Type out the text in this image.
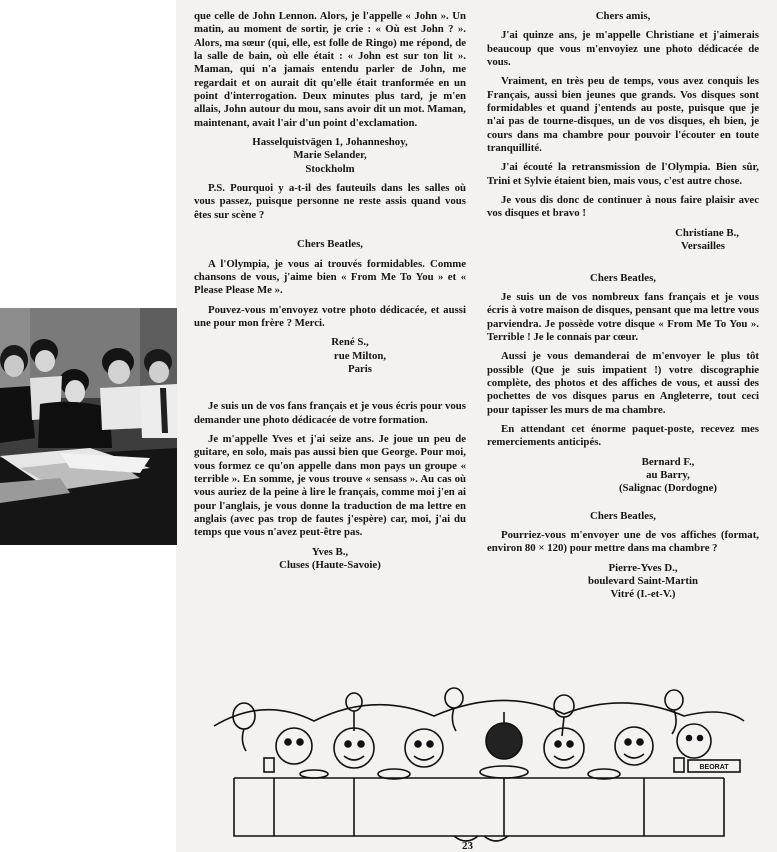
que celle de John Lennon. Alors, je l'appelle « John ». Un matin, au moment de sortir, je crie : « Où est John ? ». Alors, ma sœur (qui, elle, est folle de Ringo) me répond, de la salle de bain, où elle était : « John est sur ton lit ». Maman, qui n'a jamais entendu parler de John, me regardait et on aurait dit qu'elle était tranformée en un point d'interrogation. Deux minutes plus tard, je m'en allais, John autour du mou, sans avoir dit un mot. Maman, maintenant, avait l'air d'un point d'exclamation.

Hasselquistvägen 1, Johanneshoy,

Marie Selander,

Stockholm

P.S. Pourquoi y a-t-il des fauteuils dans les salles où vous passez, puisque personne ne reste assis quand vous êtes sur scène ?

Chers Beatles,

A l'Olympia, je vous ai trouvés formidables. Comme chansons de vous, j'aime bien « From Me To You » et « Please Please Me ».

Pouvez-vous m'envoyez votre photo dédicacée, et aussi une pour mon frère ? Merci.

René S.,

rue Milton,

Paris

Je suis un de vos fans français et je vous écris pour vous demander une photo dédicacée de votre formation.

Je m'appelle Yves et j'ai seize ans. Je joue un peu de guitare, en solo, mais pas aussi bien que George. Pour moi, vous formez ce qu'on appelle dans mon pays un groupe « terrible ». En somme, je vous trouve « sensass ». Au cas où vous auriez de la peine à lire le français, comme moi j'en ai pour l'anglais, je vous donne la traduction de ma lettre en anglais (avec pas trop de fautes j'espère) car, moi, j'ai du temps que vous n'avez peut-être pas.

Yves B.,

Cluses (Haute-Savoie)

Chers amis,

J'ai quinze ans, je m'appelle Christiane et j'aimerais beaucoup que vous m'envoyiez une photo dédicacée de vous.

Vraiment, en très peu de temps, vous avez conquis les Français, aussi bien jeunes que grands. Vos disques sont formidables et quand j'entends au poste, puisque que je n'ai pas de tourne-disques, un de vos disques, eh bien, je cours dans ma chambre pour pouvoir l'écouter en toute tranquillité.

J'ai écouté la retransmission de l'Olympia. Bien sûr, Trini et Sylvie étaient bien, mais vous, c'est autre chose.

Je vous dis donc de continuer à nous faire plaisir avec vos disques et bravo !

Christiane B.,

Versailles

Chers Beatles,

Je suis un de vos nombreux fans français et je vous écris à votre maison de disques, pensant que ma lettre vous parviendra. Je possède votre disque « From Me To You ». Terrible ! Je le connais par cœur.

Aussi je vous demanderai de m'envoyer le plus tôt possible (Que je suis impatient !) votre discographie complète, des photos et des affiches de vous, et aussi des pochettes de vos disques parus en Angleterre, tout ceci pour tapisser les murs de ma chambre.

En attendant cet énorme paquet-poste, recevez mes remerciements anticipés.

Bernard F.,

au Barry,

(Salignac (Dordogne)

Chers Beatles,

Pourriez-vous m'envoyer une de vos affiches (format, environ 80 × 120) pour mettre dans ma chambre ?

Pierre-Yves D.,

boulevard Saint-Martin

Vitré (I.-et-V.)

BEORAT
23
